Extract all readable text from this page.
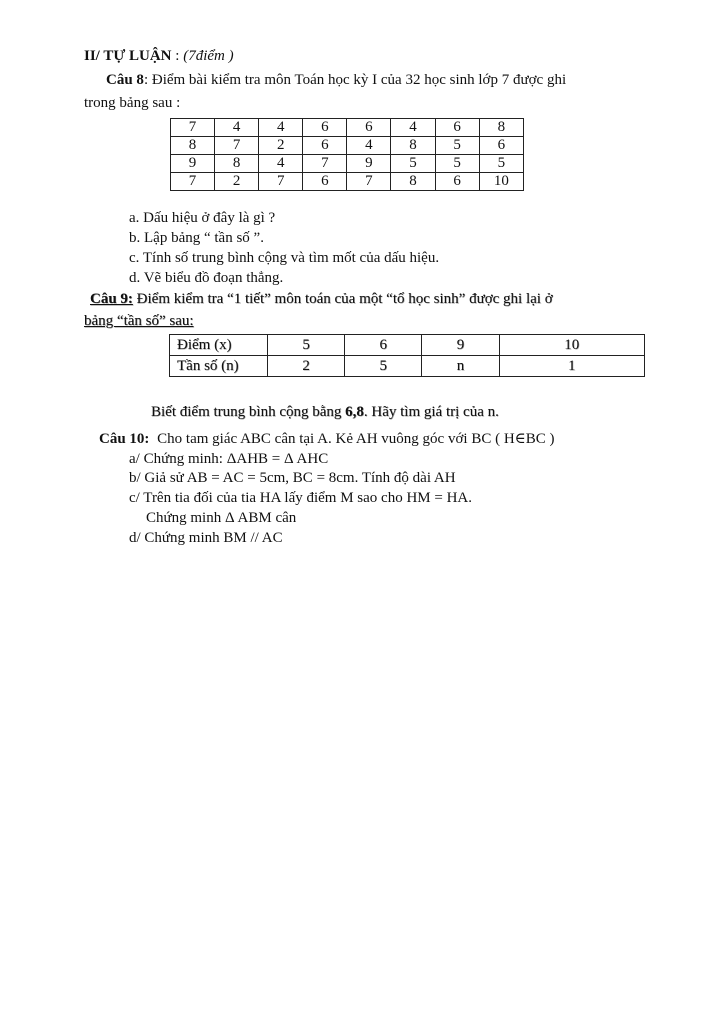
II/ TỰ LUẬN : (7điểm )
Câu 8: Điểm bài kiểm tra môn Toán học kỳ I của 32 học sinh lớp 7 được ghi
trong bảng sau :
7	4	4	6	6	4	6	8
8	7	2	6	4	8	5	6
9	8	4	7	9	5	5	5
7	2	7	6	7	8	6	10
a. Dấu hiệu ở đây là gì ?
b. Lập bảng “ tần số ”.
c. Tính số trung bình cộng và tìm mốt của dấu hiệu.
d. Vẽ biểu đồ đoạn thẳng.
Câu 9: Điểm kiểm tra “1 tiết” môn toán của một “tổ học sinh” được ghi lại ở
bảng “tần số” sau:
Điểm (x)	5	6	9	10
Tần số (n)	2	5	n	1
Biết điểm trung bình cộng bằng 6,8. Hãy tìm giá trị của n.
Câu 10: Cho tam giác ABC cân tại A. Kẻ AH vuông góc với BC ( H∈BC )
a/ Chứng minh: ΔAHB = Δ AHC
b/ Giả sử AB = AC = 5cm, BC = 8cm. Tính độ dài AH
c/ Trên tia đối của tia HA lấy điểm M sao cho HM = HA.
Chứng minh Δ ABM cân
d/ Chứng minh BM // AC
